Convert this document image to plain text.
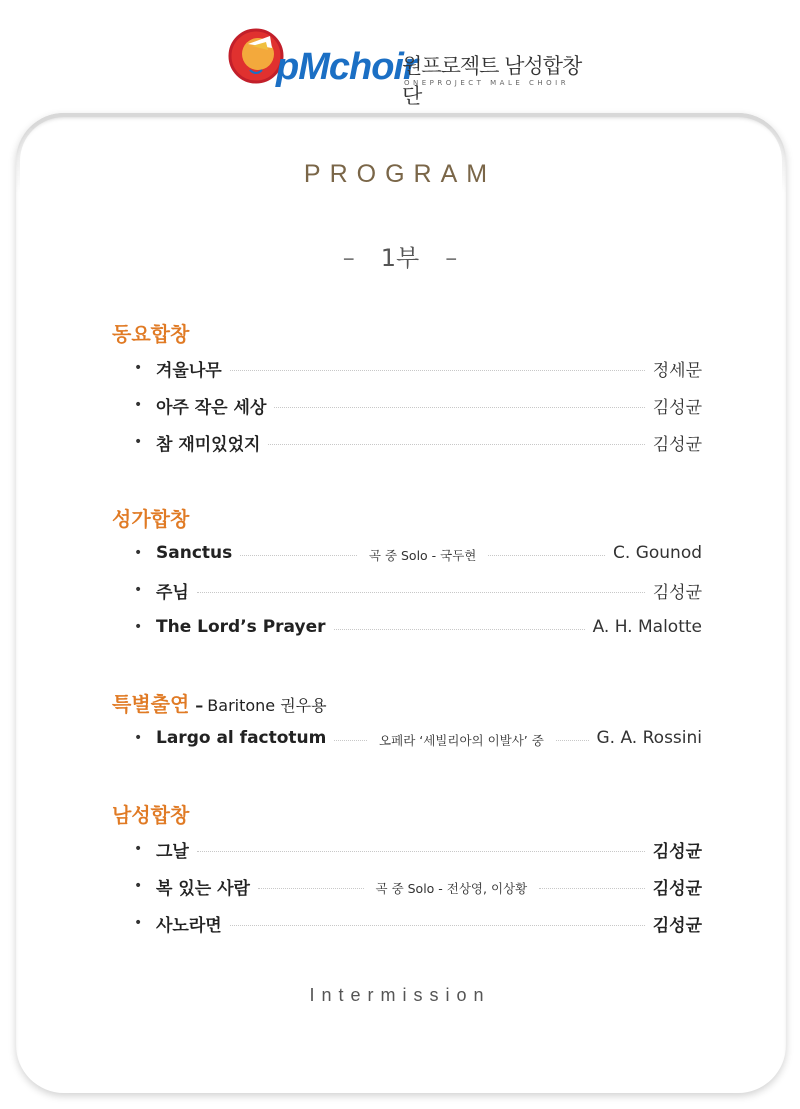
pMchoir
원프로젝트 남성합창단
ONEPROJECT MALE CHOIR
PROGRAM
– 1부 –
동요합창
• 겨울나무	정세문
• 아주 작은 세상	김성균
• 참 재미있었지	김성균
성가합창
• Sanctus	곡 중 Solo - 국두현	C. Gounod
• 주님	김성균
• The Lord’s Prayer	A. H. Malotte
특별출연 – Baritone 권우용
• Largo al factotum	오페라 ‘세빌리아의 이발사’ 중	G. A. Rossini
남성합창
• 그날	김성균
• 복 있는 사람	곡 중 Solo - 전상영, 이상황	김성균
• 사노라면	김성균
Intermission
